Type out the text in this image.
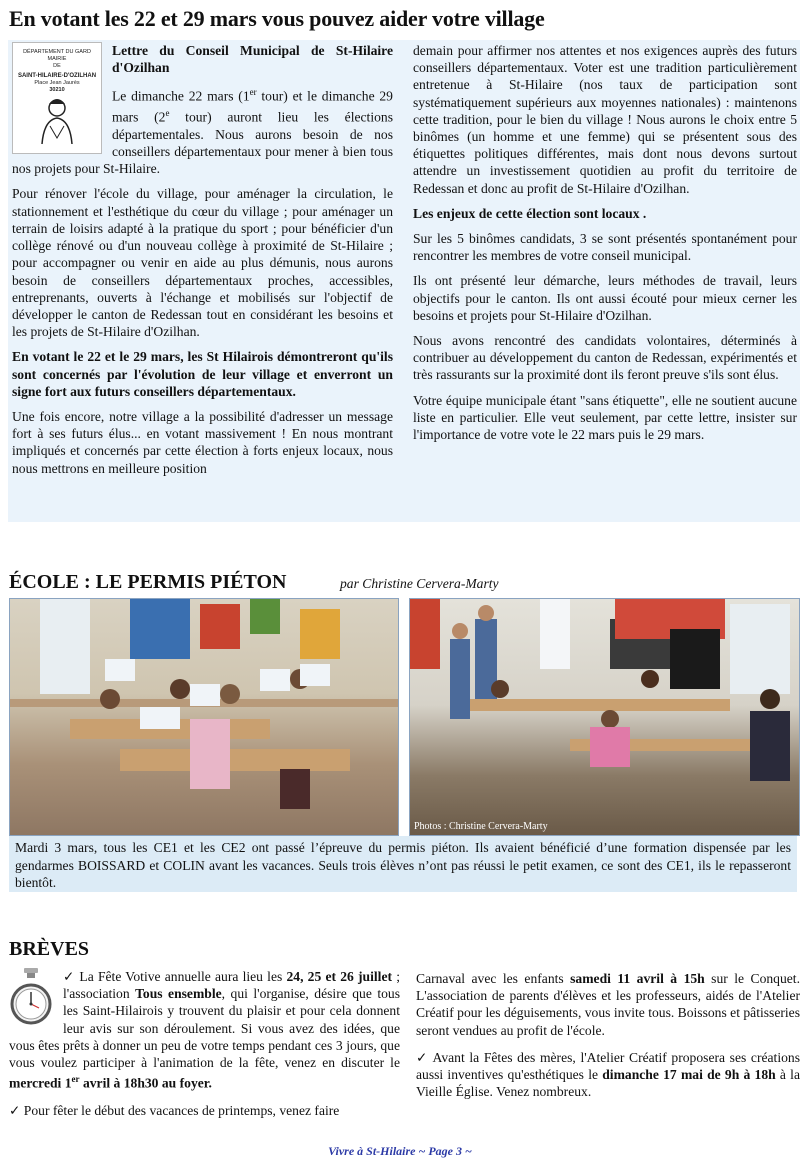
En votant les 22 et 29 mars vous pouvez aider votre village
DÉPARTEMENT DU GARD
MAIRIE
DE
SAINT-HILAIRE-D'OZILHAN
Place Jean Jaurès
30210

Lettre du Conseil Municipal de St-Hilaire d'Ozilhan

Le dimanche 22 mars (1er tour) et le dimanche 29 mars (2e tour) auront lieu les élections départementales. Nous aurons besoin de nos conseillers départementaux pour mener à bien tous nos projets pour St-Hilaire.

Pour rénover l'école du village, pour aménager la circulation, le stationnement et l'esthétique du cœur du village ; pour aménager un terrain de loisirs adapté à la pratique du sport ; pour bénéficier d'un collège rénové ou d'un nouveau collège à proximité de St-Hilaire ; pour accompagner ou venir en aide au plus démunis, nous aurons besoin de conseillers départementaux proches, accessibles, entreprenants, ouverts à l'échange et mobilisés sur l'objectif de développer le canton de Redessan tout en considérant les besoins et les projets de St-Hilaire d'Ozilhan.

En votant le 22 et le 29 mars, les St Hilairois démontreront qu'ils sont concernés par l'évolution de leur village et enverront un signe fort aux futurs conseillers départementaux.

Une fois encore, notre village a la possibilité d'adresser un message fort à ses futurs élus... en votant massivement ! En nous montrant impliqués et concernés par cette élection à forts enjeux locaux, nous nous mettrons en meilleure position

demain pour affirmer nos attentes et nos exigences auprès des futurs conseillers départementaux. Voter est une tradition particulièrement entretenue à St-Hilaire (nos taux de participation sont systématiquement supérieurs aux moyennes nationales) : maintenons cette tradition, pour le bien du village ! Nous aurons le choix entre 5 binômes (un homme et une femme) qui se présentent sous des étiquettes politiques différentes, mais dont nous devons surtout attendre un investissement quotidien au profit du territoire de Redessan et donc au profit de St-Hilaire d'Ozilhan.

Les enjeux de cette élection sont locaux .

Sur les 5 binômes candidats, 3 se sont présentés spontanément pour rencontrer les membres de votre conseil municipal.

Ils ont présenté leur démarche, leurs méthodes de travail, leurs objectifs pour le canton. Ils ont aussi écouté pour mieux cerner les besoins et projets pour St-Hilaire d'Ozilhan.

Nous avons rencontré des candidats volontaires, déterminés à contribuer au développement du canton de Redessan, expérimentés et très rassurants sur la proximité dont ils feront preuve s'ils sont élus.

Votre équipe municipale étant "sans étiquette", elle ne soutient aucune liste en particulier. Elle veut seulement, par cette lettre, insister sur l'importance de votre vote le 22 mars puis le 29 mars.

ÉCOLE : LE PERMIS PIÉTON	par Christine Cervera-Marty
Photos : Christine Cervera-Marty
Mardi 3 mars, tous les CE1 et les CE2 ont passé l’épreuve du permis piéton. Ils avaient bénéficié d’une formation dispensée par les gendarmes BOISSARD et COLIN avant les vacances. Seuls trois élèves n’ont pas réussi le petit examen, ce sont des CE1, ils le repasseront bientôt.
BRÈVES

✓ La Fête Votive annuelle aura lieu les 24, 25 et 26 juillet ; l'association Tous ensemble, qui l'organise, désire que tous les Saint-Hilairois y trouvent du plaisir et pour cela donnent leur avis sur son déroulement. Si vous avez des idées, que vous êtes prêts à donner un peu de votre temps pendant ces 3 jours, que vous voulez participer à l'animation de la fête, venez en discuter le mercredi 1er avril à 18h30 au foyer.

✓ Pour fêter le début des vacances de printemps, venez faire

Carnaval avec les enfants samedi 11 avril à 15h sur le Conquet. L'association de parents d'élèves et les professeurs, aidés de l'Atelier Créatif pour les déguisements, vous invite tous. Boissons et pâtisseries seront vendues au profit de l'école.

✓ Avant la Fêtes des mères, l'Atelier Créatif proposera ses créations aussi inventives qu'esthétiques le dimanche 17 mai de 9h à 18h à la Vieille Église. Venez nombreux.

Vivre à St-Hilaire ~ Page 3 ~
